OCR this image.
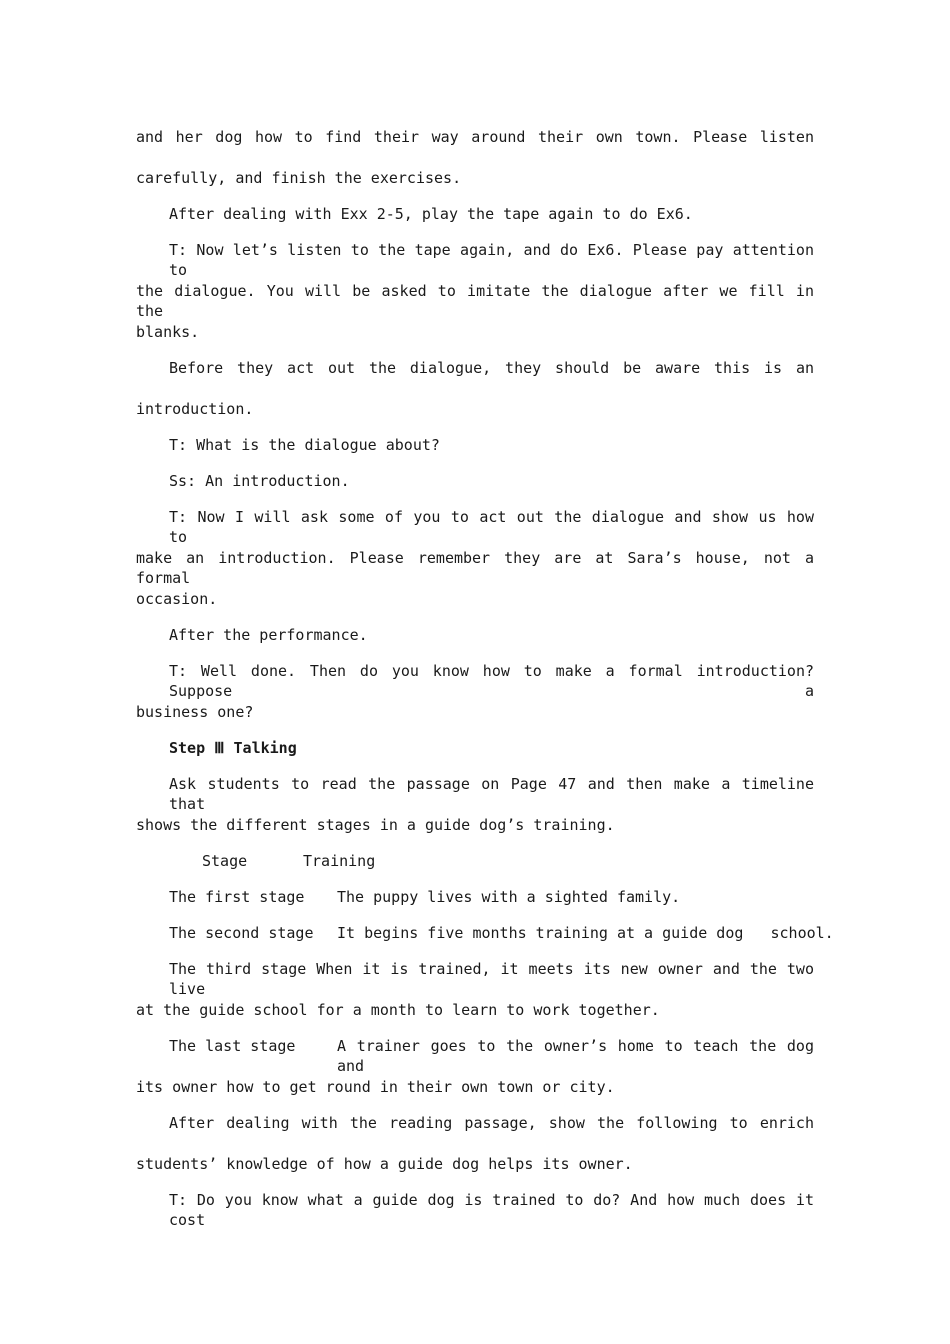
and her dog how to find their way around their own town. Please listen
carefully, and finish the exercises.
After dealing with Exx 2-5, play the tape again to do Ex6.
T: Now let’s listen to the tape again, and do Ex6. Please pay attention to
the dialogue. You will be asked to imitate the dialogue after we fill in the
blanks.
Before they act out the dialogue, they should be aware this is an
introduction.
T: What is the dialogue about?
Ss: An introduction.
T: Now I will ask some of you to act out the dialogue and show us how to
make an introduction. Please remember they are at Sara’s house, not a formal
occasion.
After the performance.
T: Well done. Then do you know how to make a formal introduction? Suppose a
business one?
Step Ⅲ Talking
Ask students to read the passage on Page 47 and then make a timeline that
shows the different stages in a guide dog’s training.
Stage	Training
The first stage The puppy lives with a sighted family.
The second stage It begins five months training at a guide dog   school.
The third stage When it is trained, it meets its new owner and the two live
at the guide school for a month to learn to work together.
The last stage	A trainer goes to the owner’s home to teach the dog and
its owner how to get round in their own town or city.
After dealing with the reading passage, show the following to enrich
students’ knowledge of how a guide dog helps its owner.
T: Do you know what a guide dog is trained to do? And how much does it cost
